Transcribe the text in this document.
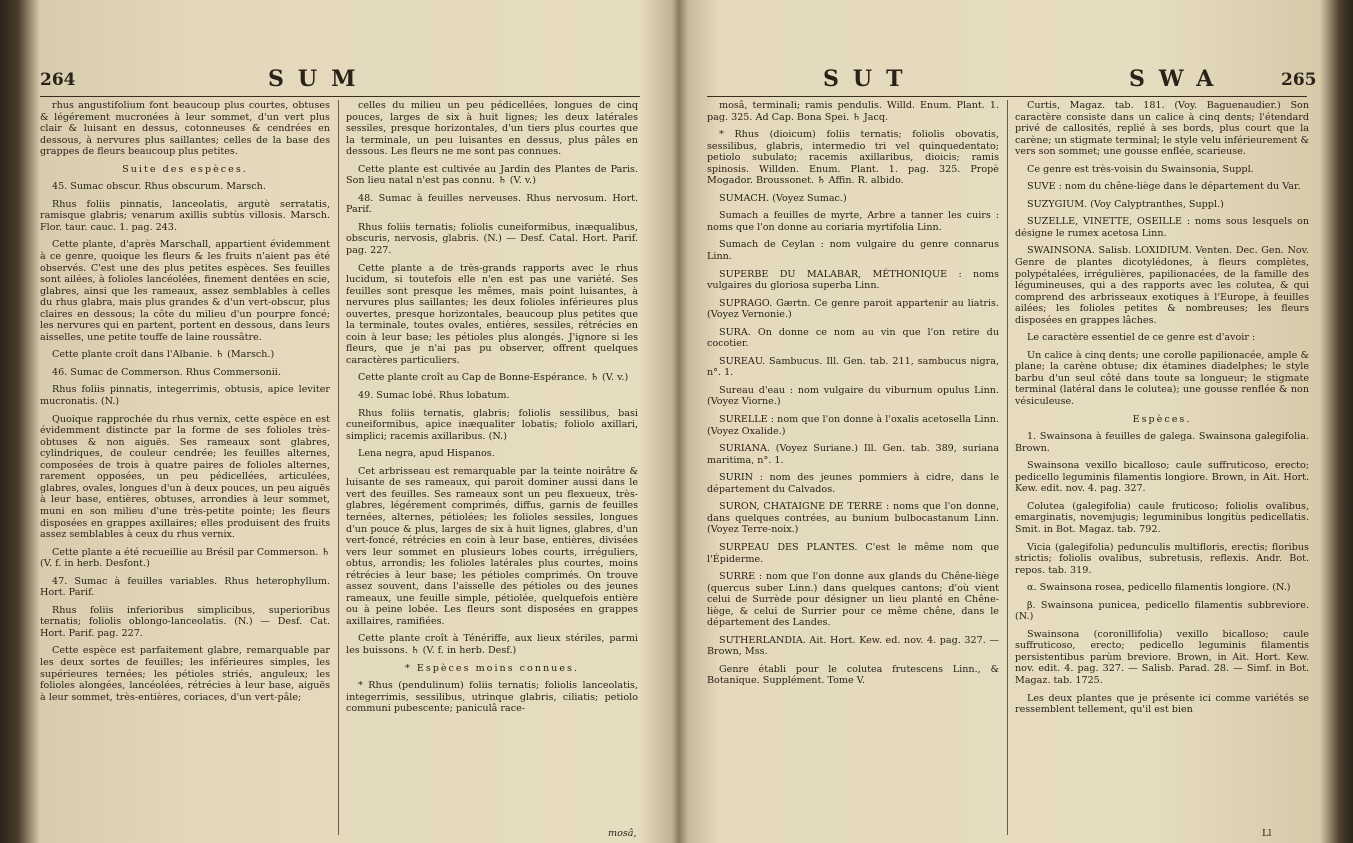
264	SUM

rhus angustifolium font beaucoup plus courtes, obtuses & légérement mucronées à leur sommet, d'un vert plus clair & luisant en dessus, cotonneuses & cendrées en dessous, à nervures plus saillantes; celles de la base des grappes de fleurs beaucoup plus petites.

Suite des espèces.

45. Sumac obscur. Rhus obscurum. Marsch.

Rhus foliis pinnatis, lanceolatis, argutè serratatis, ramisque glabris; venarum axillis subtùs villosis. Marsch. Flor. taur. cauc. 1. pag. 243.

Cette plante, d'après Marschall, appartient évidemment à ce genre, quoique les fleurs & les fruits n'aient pas été observés. C'est une des plus petites espèces. Ses feuilles sont ailées, à folioles lancéolées, finement dentées en scie, glabres, ainsi que les rameaux, assez semblables à celles du rhus glabra, mais plus grandes & d'un vert-obscur, plus claires en dessous; la côte du milieu d'un pourpre foncé; les nervures qui en partent, portent en dessous, dans leurs aisselles, une petite touffe de laine roussâtre.

Cette plante croît dans l'Albanie. ♄ (Marsch.)

46. Sumac de Commerson. Rhus Commersonii.

Rhus foliis pinnatis, integerrimis, obtusis, apice leviter mucronatis. (N.)

Quoique rapprochée du rhus vernix, cette espèce en est évidemment distincte par la forme de ses folioles très-obtuses & non aiguës. Ses rameaux sont glabres, cylindriques, de couleur cendrée; les feuilles alternes, composées de trois à quatre paires de folioles alternes, rarement opposées, un peu pédicellées, articulées, glabres, ovales, longues d'un à deux pouces, un peu aiguës à leur base, entières, obtuses, arrondies à leur sommet, muni en son milieu d'une très-petite pointe; les fleurs disposées en grappes axillaires; elles produisent des fruits assez semblables à ceux du rhus vernix.

Cette plante a été recueillie au Brésil par Commerson. ♄ (V. f. in herb. Desfont.)

47. Sumac à feuilles variables. Rhus heterophyllum. Hort. Parif.

Rhus foliis inferioribus simplicibus, superioribus ternatis; foliolis oblongo-lanceolatis. (N.) — Desf. Cat. Hort. Parif. pag. 227.

Cette espèce est parfaitement glabre, remarquable par les deux sortes de feuilles; les inférieures simples, les supérieures ternées; les pétioles striés, anguleux; les folioles alongées, lancéolées, rétrécies à leur base, aiguës à leur sommet, très-entières, coriaces, d'un vert-pâle;

celles du milieu un peu pédicellées, longues de cinq pouces, larges de six à huit lignes; les deux latérales sessiles, presque horizontales, d'un tiers plus courtes que la terminale, un peu luisantes en dessus, plus pâles en dessous. Les fleurs ne me sont pas connues.

Cette plante est cultivée au Jardin des Plantes de Paris. Son lieu natal n'est pas connu. ♄ (V. v.)

48. Sumac à feuilles nerveuses. Rhus nervosum. Hort. Parif.

Rhus foliis ternatis; foliolis cuneiformibus, inæqualibus, obscuris, nervosis, glabris. (N.) — Desf. Catal. Hort. Parif. pag. 227.

Cette plante a de très-grands rapports avec le rhus lucidum, si toutefois elle n'en est pas une variété. Ses feuilles sont presque les mêmes, mais point luisantes, à nervures plus saillantes; les deux folioles inférieures plus ouvertes, presque horizontales, beaucoup plus petites que la terminale, toutes ovales, entières, sessiles, rétrécies en coin à leur base; les pétioles plus alongés. J'ignore si les fleurs, que je n'ai pas pu observer, offrent quelques caractères particuliers.

Cette plante croît au Cap de Bonne-Espérance. ♄ (V. v.)

49. Sumac lobé. Rhus lobatum.

Rhus foliis ternatis, glabris; foliolis sessilibus, basi cuneiformibus, apice inæqualiter lobatis; foliolo axillari, simplici; racemis axillaribus. (N.)

Lena negra, apud Hispanos.

Cet arbrisseau est remarquable par la teinte noirâtre & luisante de ses rameaux, qui paroit dominer aussi dans le vert des feuilles. Ses rameaux sont un peu flexueux, très-glabres, légérement comprimés, diffus, garnis de feuilles ternées, alternes, pétiolées; les folioles sessiles, longues d'un pouce & plus, larges de six à huit lignes, glabres, d'un vert-foncé, rétrécies en coin à leur base, entières, divisées vers leur sommet en plusieurs lobes courts, irréguliers, obtus, arrondis; les folioles latérales plus courtes, moins rétrécies à leur base; les pétioles comprimés. On trouve assez souvent, dans l'aisselle des pétioles ou des jeunes rameaux, une feuille simple, pétiolée, quelquefois entière ou à peine lobée. Les fleurs sont disposées en grappes axillaires, ramifiées.

Cette plante croît à Ténériffe, aux lieux stériles, parmi les buissons. ♄ (V. f. in herb. Desf.)

* Espèces moins connues.

* Rhus (pendulinum) foliis ternatis; foliolis lanceolatis, integerrimis, sessilibus, utrinque glabris, ciliatis; petiolo communi pubescente; paniculâ race-

mosâ,
SUT	SWA	265

mosâ, terminali; ramis pendulis. Willd. Enum. Plant. 1. pag. 325. Ad Cap. Bona Spei. ♄ Jacq.

* Rhus (dioicum) foliis ternatis; foliolis obovatis, sessilibus, glabris, intermedio tri vel quinquedentato; petiolo subulato; racemis axillaribus, dioicis; ramis spinosis. Willden. Enum. Plant. 1. pag. 325. Propè Mogador. Broussonet. ♄ Affin. R. albido.

SUMACH. (Voyez Sumac.)

Sumach a feuilles de myrte, Arbre a tanner les cuirs : noms que l'on donne au coriaria myrtifolia Linn.

Sumach de Ceylan : nom vulgaire du genre connarus Linn.

SUPERBE DU MALABAR, MÉTHONIQUE : noms vulgaires du gloriosa superba Linn.

SUPRAGO. Gærtn. Ce genre paroit appartenir au liatris. (Voyez Vernonie.)

SURA. On donne ce nom au vin que l'on retire du cocotier.

SUREAU. Sambucus. Ill. Gen. tab. 211, sambucus nigra, n°. 1.

Sureau d'eau : nom vulgaire du viburnum opulus Linn. (Voyez Viorne.)

SURELLE : nom que l'on donne à l'oxalis acetosella Linn. (Voyez Oxalide.)

SURIANA. (Voyez Suriane.) Ill. Gen. tab. 389, suriana maritima, n°. 1.

SURIN : nom des jeunes pommiers à cidre, dans le département du Calvados.

SURON, CHATAIGNE DE TERRE : noms que l'on donne, dans quelques contrées, au bunium bulbocastanum Linn. (Voyez Terre-noix.)

SURPEAU DES PLANTES. C'est le même nom que l'Épiderme.

SURRE : nom que l'on donne aux glands du Chêne-liège (quercus suber Linn.) dans quelques cantons; d'où vient celui de Surrède pour désigner un lieu planté en Chêne-liège, & celui de Surrier pour ce même chêne, dans le département des Landes.

SUTHERLANDIA. Ait. Hort. Kew. ed. nov. 4. pag. 327. — Brown, Mss.

Genre établi pour le colutea frutescens Linn., & Botanique. Supplément. Tome V.

Curtis, Magaz. tab. 181. (Voy. Baguenaudier.) Son caractère consiste dans un calice à cinq dents; l'étendard privé de callosités, replié à ses bords, plus court que la carène; un stigmate terminal; le style velu inférieurement & vers son sommet; une gousse enflée, scarieuse.

Ce genre est très-voisin du Swainsonia, Suppl.

SUVE : nom du chêne-liège dans le département du Var.

SUZYGIUM. (Voy Calyptranthes, Suppl.)

SUZELLE, VINETTE, OSEILLE : noms sous lesquels on désigne le rumex acetosa Linn.

SWAINSONA. Salisb. LOXIDIUM. Venten. Dec. Gen. Nov. Genre de plantes dicotylédones, à fleurs complètes, polypétalées, irrégulières, papilionacées, de la famille des légumineuses, qui a des rapports avec les colutea, & qui comprend des arbrisseaux exotiques à l'Europe, à feuilles ailées; les folioles petites & nombreuses; les fleurs disposées en grappes lâches.

Le caractère essentiel de ce genre est d'avoir :

Un calice à cinq dents; une corolle papilionacée, ample & plane; la carène obtuse; dix étamines diadelphes; le style barbu d'un seul côté dans toute sa longueur; le stigmate terminal (latéral dans le colutea); une gousse renflée & non vésiculeuse.

Espèces.

1. Swainsona à feuilles de galega. Swainsona galegifolia. Brown.

Swainsona vexillo bicalloso; caule suffruticoso, erecto; pedicello leguminis filamentis longiore. Brown, in Ait. Hort. Kew. edit. nov. 4. pag. 327.

Colutea (galegifolia) caule fruticoso; foliolis ovalibus, emarginatis, novemjugis; leguminibus longitùs pedicellatis. Smit. in Bot. Magaz. tab. 792.

Vicia (galegifolia) pedunculis multifloris, erectis; floribus strictis; foliolis ovalibus, subretusis, reflexis. Andr. Bot. repos. tab. 319.

α. Swainsona rosea, pedicello filamentis longiore. (N.)

β. Swainsona punicea, pedicello filamentis subbreviore. (N.)

Swainsona (coronillifolia) vexillo bicalloso; caule suffruticoso, erecto; pedicello leguminis filamentis persistentibus parùm breviore. Brown, in Ait. Hort. Kew. nov. edit. 4. pag. 327. — Salisb. Parad. 28. — Simf. in Bot. Magaz. tab. 1725.

Les deux plantes que je présente ici comme variétés se ressemblent tellement, qu'il est bien

Ll
